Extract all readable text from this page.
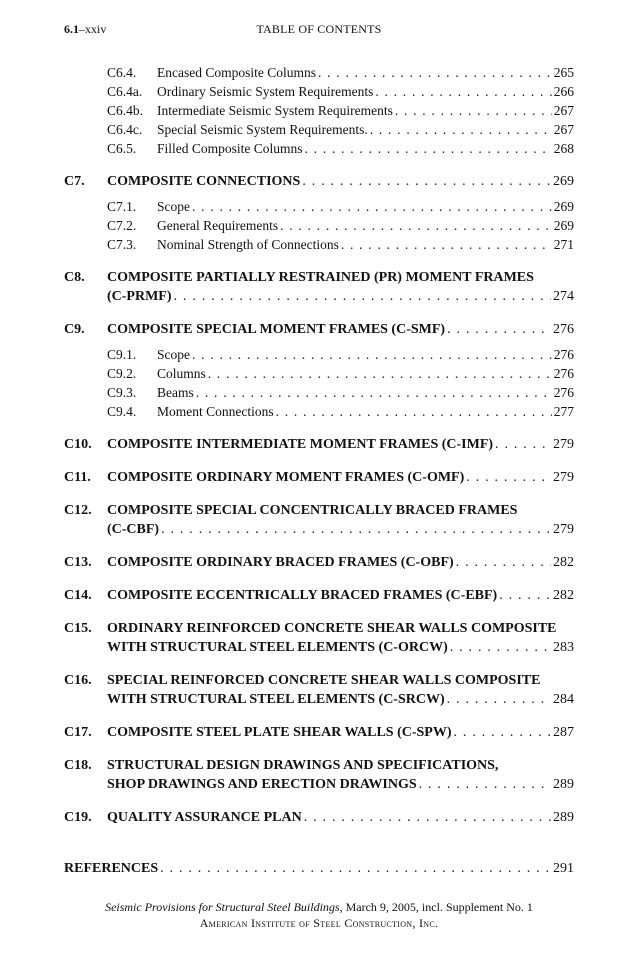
6.1–xxiv	TABLE OF CONTENTS
C6.4.	Encased Composite Columns . . .	265
C6.4a.	Ordinary Seismic System Requirements . . .	266
C6.4b.	Intermediate Seismic System Requirements . . .	267
C6.4c.	Special Seismic System Requirements. . . .	267
C6.5.	Filled Composite Columns . . .	268
C7.	COMPOSITE CONNECTIONS . . .	269
C7.1.	Scope . . .	269
C7.2.	General Requirements . . .	269
C7.3.	Nominal Strength of Connections . . .	271
C8.	COMPOSITE PARTIALLY RESTRAINED (PR) MOMENT FRAMES
(C-PRMF) . . .	274
C9.	COMPOSITE SPECIAL MOMENT FRAMES (C-SMF) . . .	276
C9.1.	Scope . . .	276
C9.2.	Columns . . .	276
C9.3.	Beams . . .	276
C9.4.	Moment Connections . . .	277
C10.	COMPOSITE INTERMEDIATE MOMENT FRAMES (C-IMF) . . .	279
C11.	COMPOSITE ORDINARY MOMENT FRAMES (C-OMF) . . .	279
C12.	COMPOSITE SPECIAL CONCENTRICALLY BRACED FRAMES
(C-CBF) . . .	279
C13.	COMPOSITE ORDINARY BRACED FRAMES (C-OBF) . . .	282
C14.	COMPOSITE ECCENTRICALLY BRACED FRAMES (C-EBF) . . .	282
C15.	ORDINARY REINFORCED CONCRETE SHEAR WALLS COMPOSITE
WITH STRUCTURAL STEEL ELEMENTS (C-ORCW) . . .	283
C16.	SPECIAL REINFORCED CONCRETE SHEAR WALLS COMPOSITE
WITH STRUCTURAL STEEL ELEMENTS (C-SRCW) . . .	284
C17.	COMPOSITE STEEL PLATE SHEAR WALLS (C-SPW) . . .	287
C18.	STRUCTURAL DESIGN DRAWINGS AND SPECIFICATIONS,
SHOP DRAWINGS AND ERECTION DRAWINGS . . .	289
C19.	QUALITY ASSURANCE PLAN . . .	289
REFERENCES . . .	291
Seismic Provisions for Structural Steel Buildings, March 9, 2005, incl. Supplement No. 1
American Institute of Steel Construction, Inc.
